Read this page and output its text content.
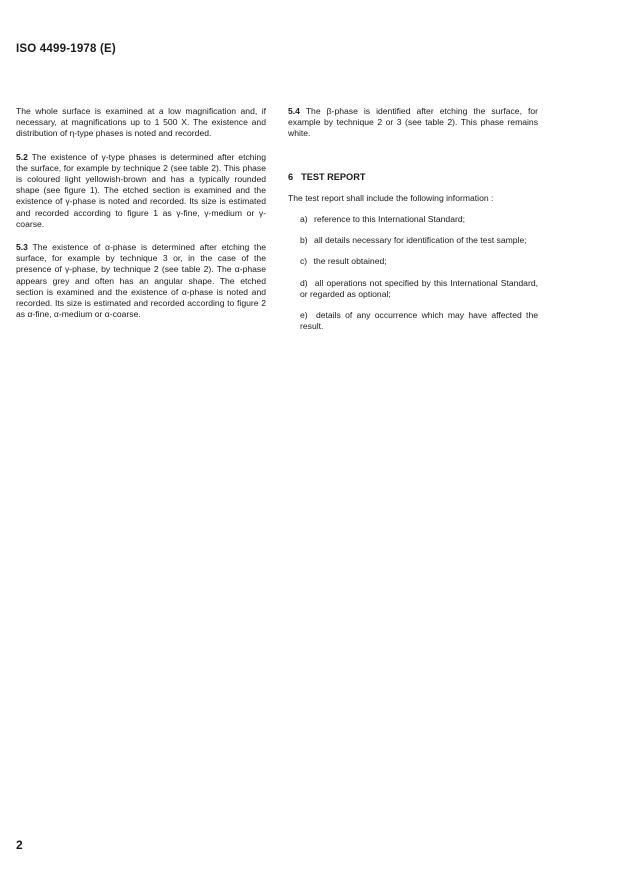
ISO 4499-1978 (E)

The whole surface is examined at a low magnification and, if necessary, at magnifications up to 1 500 X. The existence and distribution of η-type phases is noted and recorded.

5.2 The existence of γ-type phases is determined after etching the surface, for example by technique 2 (see table 2). This phase is coloured light yellowish-brown and has a typically rounded shape (see figure 1). The etched section is examined and the existence of γ-phase is noted and recorded. Its size is estimated and recorded according to figure 1 as γ-fine, γ-medium or γ-coarse.

5.3 The existence of α-phase is determined after etching the surface, for example by technique 3 or, in the case of the presence of γ-phase, by technique 2 (see table 2). The α-phase appears grey and often has an angular shape. The etched section is examined and the existence of α-phase is noted and recorded. Its size is estimated and recorded according to figure 2 as α-fine, α-medium or α-coarse.

5.4 The β-phase is identified after etching the surface, for example by technique 2 or 3 (see table 2). This phase remains white.

6 TEST REPORT

The test report shall include the following information :

a) reference to this International Standard;
b) all details necessary for identification of the test sample;
c) the result obtained;
d) all operations not specified by this International Standard, or regarded as optional;
e) details of any occurrence which may have affected the result.
2
